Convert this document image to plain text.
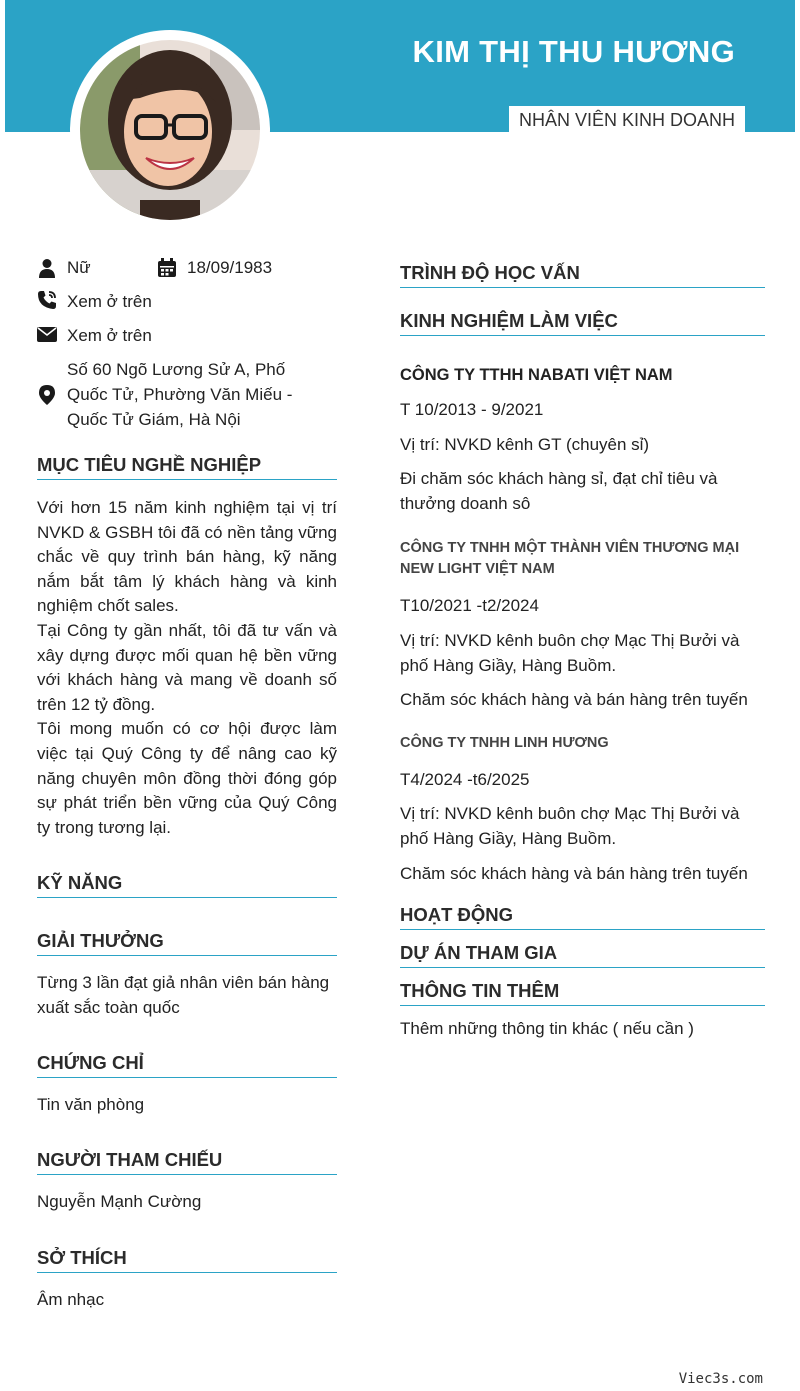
KIM THỊ THU HƯƠNG
NHÂN VIÊN KINH DOANH
Nữ	18/09/1983
Xem ở trên
Xem ở trên
Số 60 Ngõ Lương Sử A, Phố
Quốc Tử, Phường Văn Miếu -
Quốc Tử Giám, Hà Nội
MỤC TIÊU NGHỀ NGHIỆP

Với hơn 15 năm kinh nghiệm tại vị trí NVKD & GSBH tôi đã có nền tảng vững chắc về quy trình bán hàng, kỹ năng nắm bắt tâm lý khách hàng và kinh nghiệm chốt sales.

Tại Công ty gần nhất, tôi đã tư vấn và xây dựng được mối quan hệ bền vững với khách hàng và mang về doanh số trên 12 tỷ đồng.

Tôi mong muốn có cơ hội được làm việc tại Quý Công ty để nâng cao kỹ năng chuyên môn đồng thời đóng góp sự phát triển bền vững của Quý Công ty trong tương lại.

KỸ NĂNG
GIẢI THƯỞNG

Từng 3 lần đạt giả nhân viên bán hàng xuất sắc toàn quốc

CHỨNG CHỈ

Tin văn phòng

NGƯỜI THAM CHIẾU

Nguyễn Mạnh Cường

SỞ THÍCH

Âm nhạc

TRÌNH ĐỘ HỌC VẤN
KINH NGHIỆM LÀM VIỆC

CÔNG TY TTHH NABATI VIỆT NAM

T 10/2013 - 9/2021

Vị trí: NVKD kênh GT (chuyên sỉ)

Đi chăm sóc khách hàng sỉ, đạt chỉ tiêu và thưởng doanh sô

CÔNG TY TNHH MỘT THÀNH VIÊN THƯƠNG MẠI NEW LIGHT VIỆT NAM

T10/2021 -t2/2024

Vị trí: NVKD kênh buôn chợ Mạc Thị Bưởi và phố Hàng Giầy, Hàng Buồm.

Chăm sóc khách hàng và bán hàng trên tuyến

CÔNG TY TNHH LINH HƯƠNG

T4/2024 -t6/2025

Vị trí: NVKD kênh buôn chợ Mạc Thị Bưởi và phố Hàng Giầy, Hàng Buồm.

Chăm sóc khách hàng và bán hàng trên tuyến

HOẠT ĐỘNG
DỰ ÁN THAM GIA
THÔNG TIN THÊM

Thêm những thông tin khác ( nếu cần )

Viec3s.com
